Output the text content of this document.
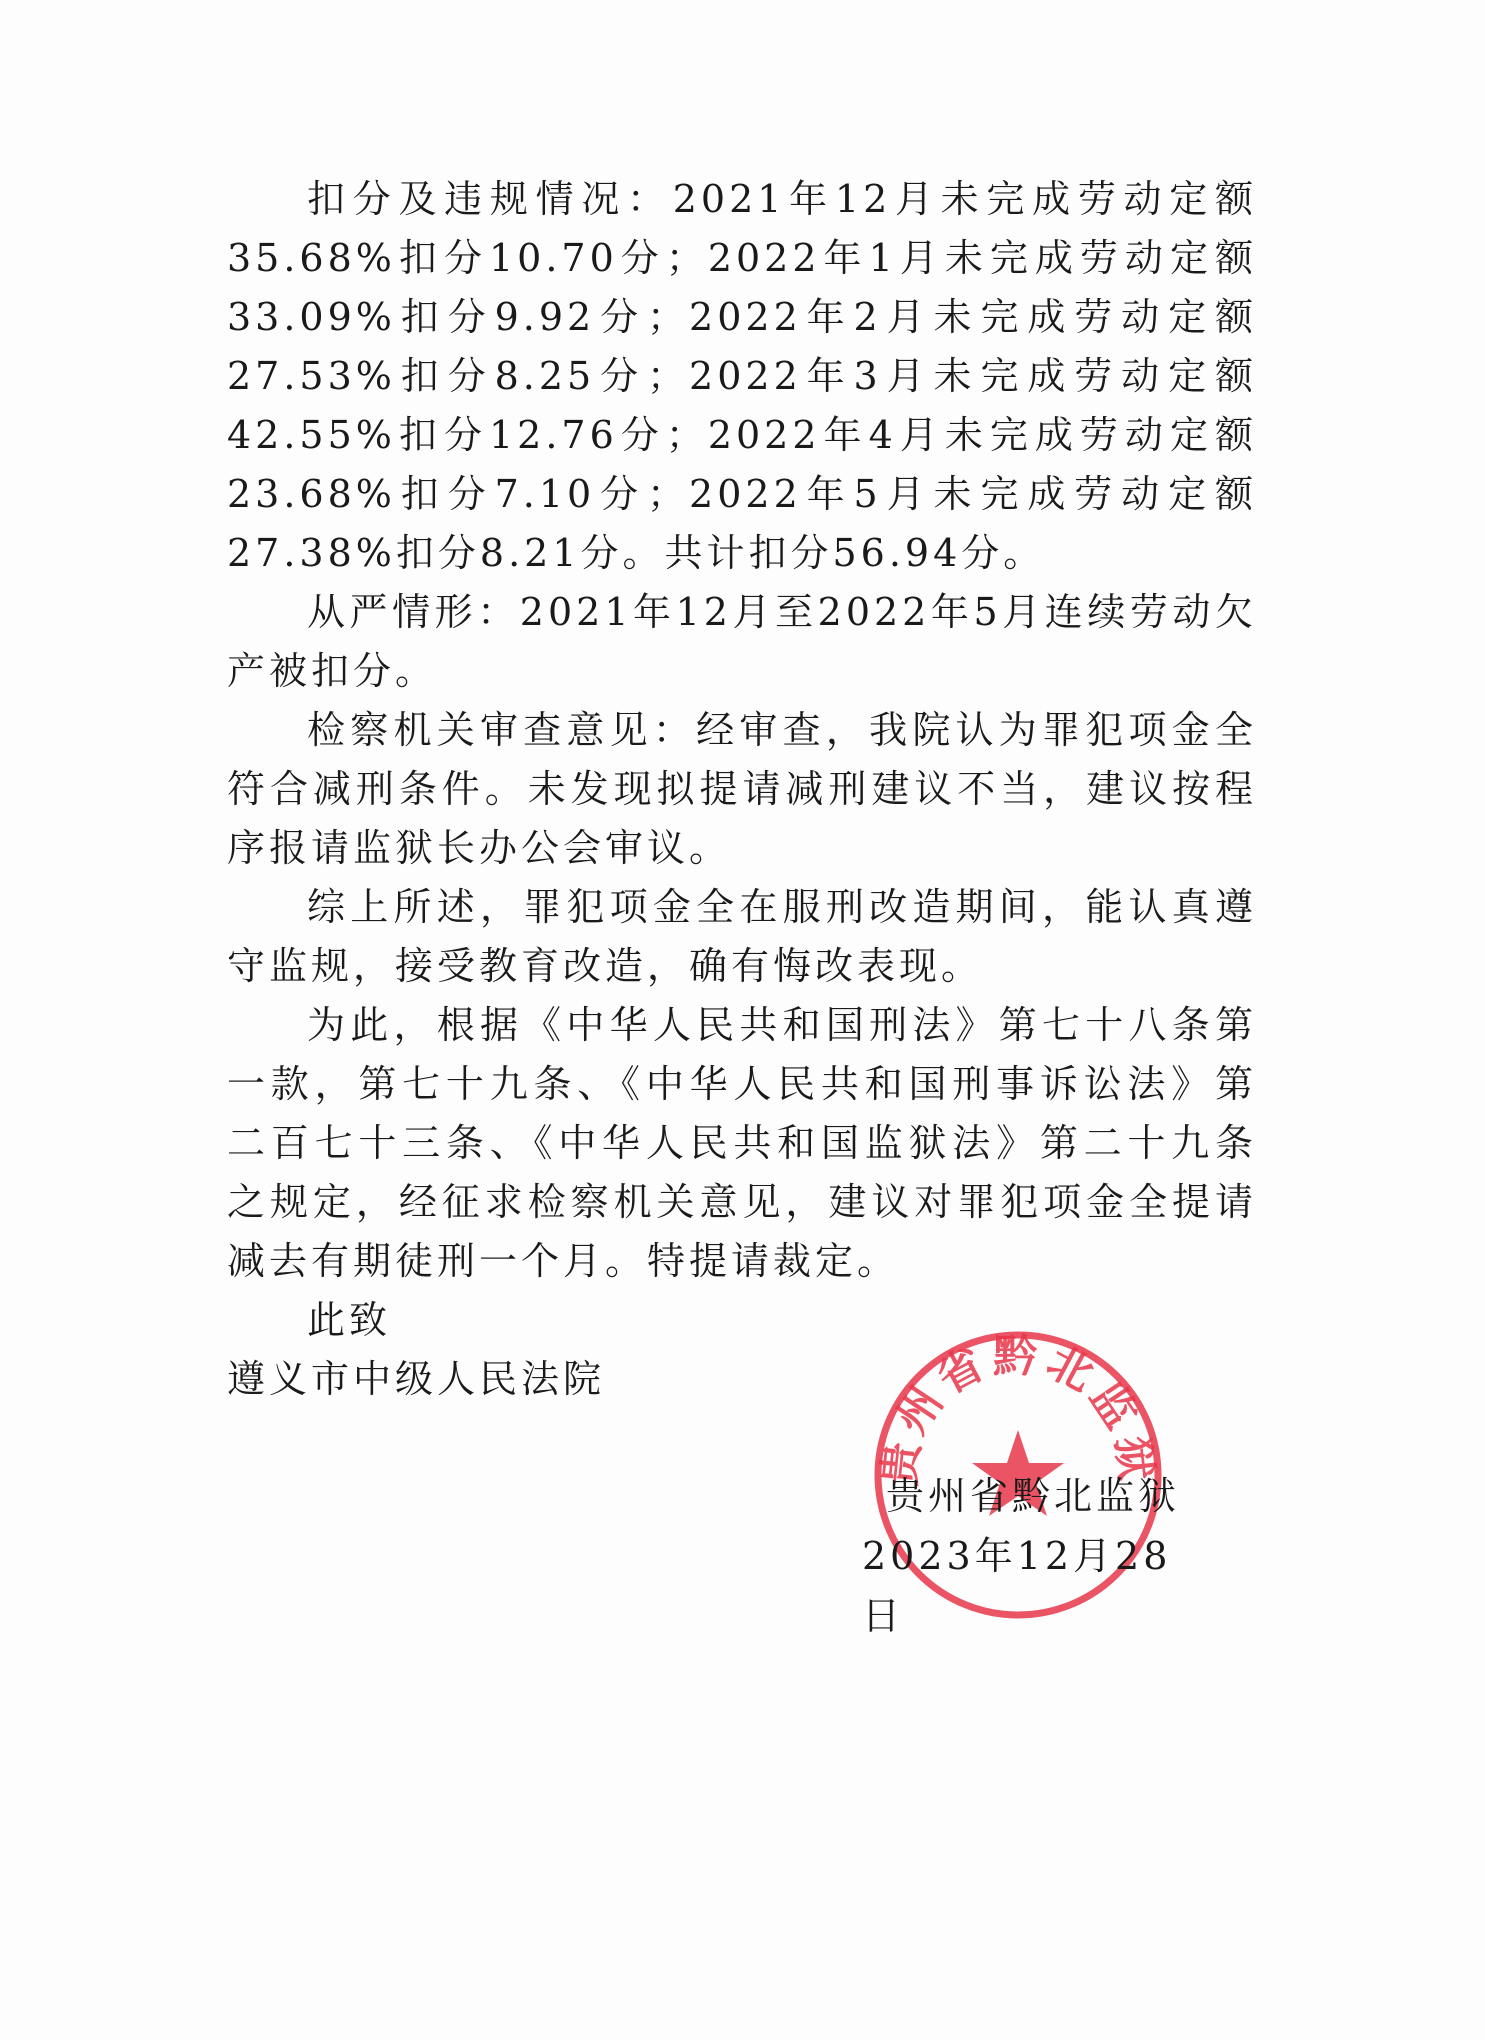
扣分及违规情况：2021年12月未完成劳动定额35.68%扣分10.70分；2022年1月未完成劳动定额33.09%扣分9.92分；2022年2月未完成劳动定额27.53%扣分8.25分；2022年3月未完成劳动定额42.55%扣分12.76分；2022年4月未完成劳动定额23.68%扣分7.10分；2022年5月未完成劳动定额27.38%扣分8.21分。共计扣分56.94分。

从严情形：2021年12月至2022年5月连续劳动欠产被扣分。

检察机关审查意见：经审查，我院认为罪犯项金全符合减刑条件。未发现拟提请减刑建议不当，建议按程序报请监狱长办公会审议。

综上所述，罪犯项金全在服刑改造期间，能认真遵守监规，接受教育改造，确有悔改表现。

为此，根据《中华人民共和国刑法》第七十八条第一款，第七十九条、《中华人民共和国刑事诉讼法》第二百七十三条、《中华人民共和国监狱法》第二十九条之规定，经征求检察机关意见，建议对罪犯项金全提请减去有期徒刑一个月。特提请裁定。

此致

遵义市中级人民法院

贵州省黔北监狱

贵州省黔北监狱

2023年12月28日
